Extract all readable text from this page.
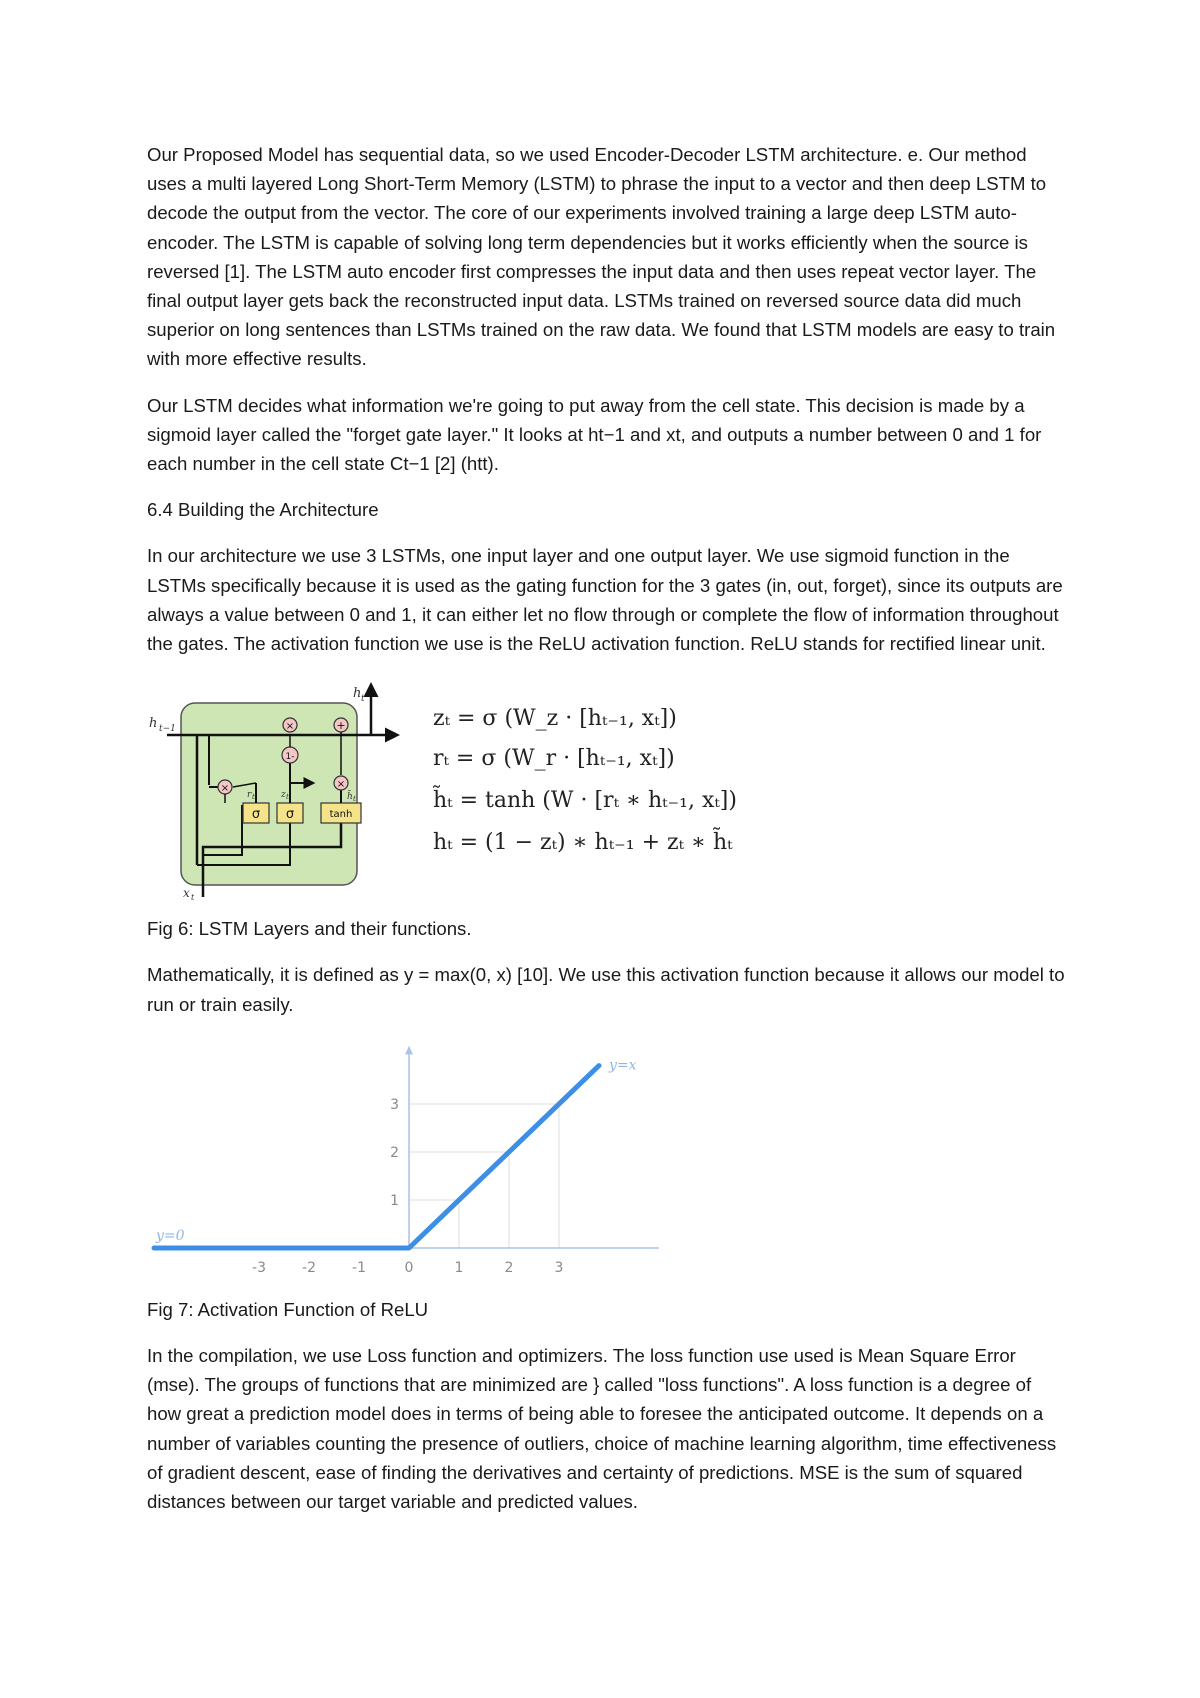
Our Proposed Model has sequential data, so we used Encoder-Decoder LSTM architecture. e. Our method uses a multi layered Long Short-Term Memory (LSTM) to phrase the input to a vector and then deep LSTM to decode the output from the vector. The core of our experiments involved training a large deep LSTM auto-encoder. The LSTM is capable of solving long term dependencies but it works efficiently when the source is reversed [1]. The LSTM auto encoder first compresses the input data and then uses repeat vector layer. The final output layer gets back the reconstructed input data. LSTMs trained on reversed source data did much superior on long sentences than LSTMs trained on the raw data. We found that LSTM models are easy to train with more effective results.

Our LSTM decides what information we're going to put away from the cell state. This decision is made by a sigmoid layer called the "forget gate layer." It looks at ht−1 and xt, and outputs a number between 0 and 1 for each number in the cell state Ct−1 [2] (htt).

6.4 Building the Architecture

In our architecture we use 3 LSTMs, one input layer and one output layer. We use sigmoid function in the LSTMs specifically because it is used as the gating function for the 3 gates (in, out, forget), since its outputs are always a value between 0 and 1, it can either let no flow through or complete the flow of information throughout the gates. The activation function we use is the ReLU activation function. ReLU stands for rectified linear unit.

h t−1
h t
x t
σ σ	tanh
r t	z t	h̃ t
×
1-
×	+
×
zₜ = σ (W_z · [hₜ₋₁, xₜ])
rₜ = σ (W_r · [hₜ₋₁, xₜ])
h̃ₜ = tanh (W · [rₜ ∗ hₜ₋₁, xₜ])
hₜ = (1 − zₜ) ∗ hₜ₋₁ + zₜ ∗ h̃ₜ

Fig 6: LSTM Layers and their functions.

Mathematically, it is defined as y = max(0, x) [10]. We use this activation function because it allows our model to run or train easily.

-3	-2	-1	0	1	2	3
1
2
3
y=0
y=x

Fig 7: Activation Function of ReLU

In the compilation, we use Loss function and optimizers. The loss function use used is Mean Square Error (mse). The groups of functions that are minimized are } called "loss functions". A loss function is a degree of how great a prediction model does in terms of being able to foresee the anticipated outcome. It depends on a number of variables counting the presence of outliers, choice of machine learning algorithm, time effectiveness of gradient descent, ease of finding the derivatives and certainty of predictions. MSE is the sum of squared distances between our target variable and predicted values.
